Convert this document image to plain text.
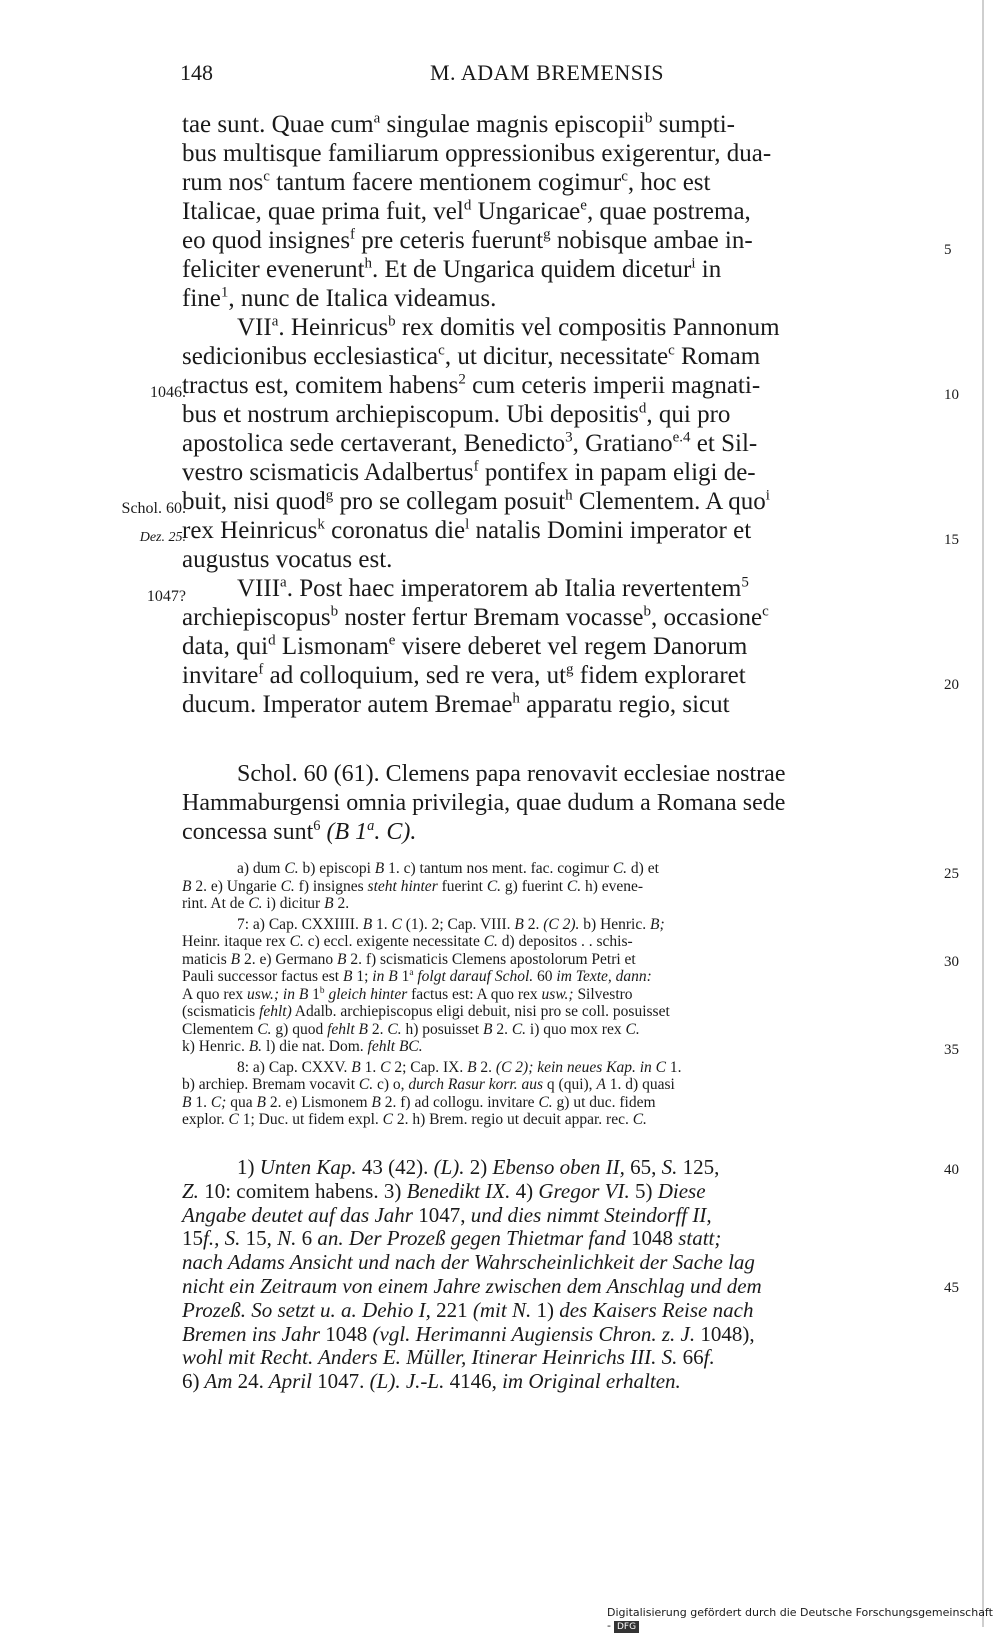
148	M. ADAM BREMENSIS
tae sunt. Quae cum$^a$ singulae magnis episcopii$^b$ sumpti-
bus multisque familiarum oppressionibus exigerentur, dua-
rum nos$^c$ tantum facere mentionem cogimur$^c$, hoc est
Italicae, quae prima fuit, vel$^d$ Ungaricae$^e$, quae postrema,
eo quod insignes$^f$ pre ceteris fuerunt$^g$ nobisque ambae in-
feliciter evenerunt$^h$. Et de Ungarica quidem dicetur$^i$ in
fine$^1$, nunc de Italica videamus.
VII$^a$. Heinricus$^b$ rex domitis vel compositis Pannonum
sedicionibus ecclesiastica$^c$, ut dicitur, necessitate$^c$ Romam
tractus est, comitem habens$^2$ cum ceteris imperii magnati-
bus et nostrum archiepiscopum. Ubi depositis$^d$, qui pro
apostolica sede certaverant, Benedicto$^3$, Gratiano$^{e.4}$ et Sil-
vestro scismaticis Adalbertus$^f$ pontifex in papam eligi de-
buit, nisi quod$^g$ pro se collegam posuit$^h$ Clementem. A quo$^i$
rex Heinricus$^k$ coronatus die$^l$ natalis Domini imperator et
augustus vocatus est.
VIII$^a$. Post haec imperatorem ab Italia revertentem$^5$
archiepiscopus$^b$ noster fertur Bremam vocasse$^b$, occasione$^c$
data, qui$^d$ Lismonam$^e$ visere deberet vel regem Danorum
invitare$^f$ ad colloquium, sed re vera, $ut^g$ fidem exploraret
ducum. Imperator autem Bremae$^h$ apparatu regio, sicut
1046.
Schol. 60.
Dez. 25.
1047?
5
10
15
20
25
30
35
40
45
Schol. 60 (61). Clemens papa renovavit ecclesiae nostrae
Hammaburgensi omnia privilegia, quae dudum a Romana sede
concessa sunt$^6$ (B 1$^a$. C).
a) dum C. b) episcopi B 1. c) tantum nos ment. fac. cogimur C. d) et
B 2. e) Ungarie C. f) insignes steht hinter fuerint C. g) fuerint C. h) evene-
rint. At de C. i) dicitur B 2.
7: a) Cap. CXXIIII. B 1. C (1). 2; Cap. VIII. B 2. (C 2). b) Henric. B;
Heinr. itaque rex C. c) eccl. exigente necessitate C. d) depositos . . schis-
maticis B 2. e) Germano B 2. f) scismaticis Clemens apostolorum Petri et
Pauli successor factus est B 1; in B 1$^a$ folgt darauf Schol. 60 im Texte, dann:
A quo rex usw.; in B 1$^b$ gleich hinter factus est: A quo rex usw.; Silvestro
(scismaticis fehlt) Adalb. archiepiscopus eligi debuit, nisi pro se coll. posuisset
Clementem C. g) quod fehlt B 2. C. h) posuisset B 2. C. i) quo mox rex C.
k) Henric. B. l) die nat. Dom. fehlt BC.
8: a) Cap. CXXV. B 1. C 2; Cap. IX. B 2. (C 2); kein neues Kap. in C 1.
b) archiep. Bremam vocavit C. c) o, durch Rasur korr. aus q (qui), A 1. d) quasi
B 1. C; qua B 2. e) Lismonem B 2. f) ad collogu. invitare C. g) ut duc. fidem
explor. C 1; Duc. ut fidem expl. C 2. h) Brem. regio ut decuit appar. rec. C.
1) Unten Kap. 43 (42). (L). 2) Ebenso oben II, 65, S. 125,
Z. 10: comitem habens. 3) Benedikt IX. 4) Gregor VI. 5) Diese
Angabe deutet auf das Jahr 1047, und dies nimmt Steindorff II,
15f., S. 15, N. 6 an. Der Prozeß gegen Thietmar fand 1048 statt;
nach Adams Ansicht und nach der Wahrscheinlichkeit der Sache lag
nicht ein Zeitraum von einem Jahre zwischen dem Anschlag und dem
Prozeß. So setzt u. a. Dehio I, 221 (mit N. 1) des Kaisers Reise nach
Bremen ins Jahr 1048 (vgl. Herimanni Augiensis Chron. z. J. 1048),
wohl mit Recht. Anders E. Müller, Itinerar Heinrichs III. S. 66f.
6) Am 24. April 1047. (L). J.-L. 4146, im Original erhalten.
Digitalisierung gefördert durch die Deutsche Forschungsgemeinschaft - DFG
